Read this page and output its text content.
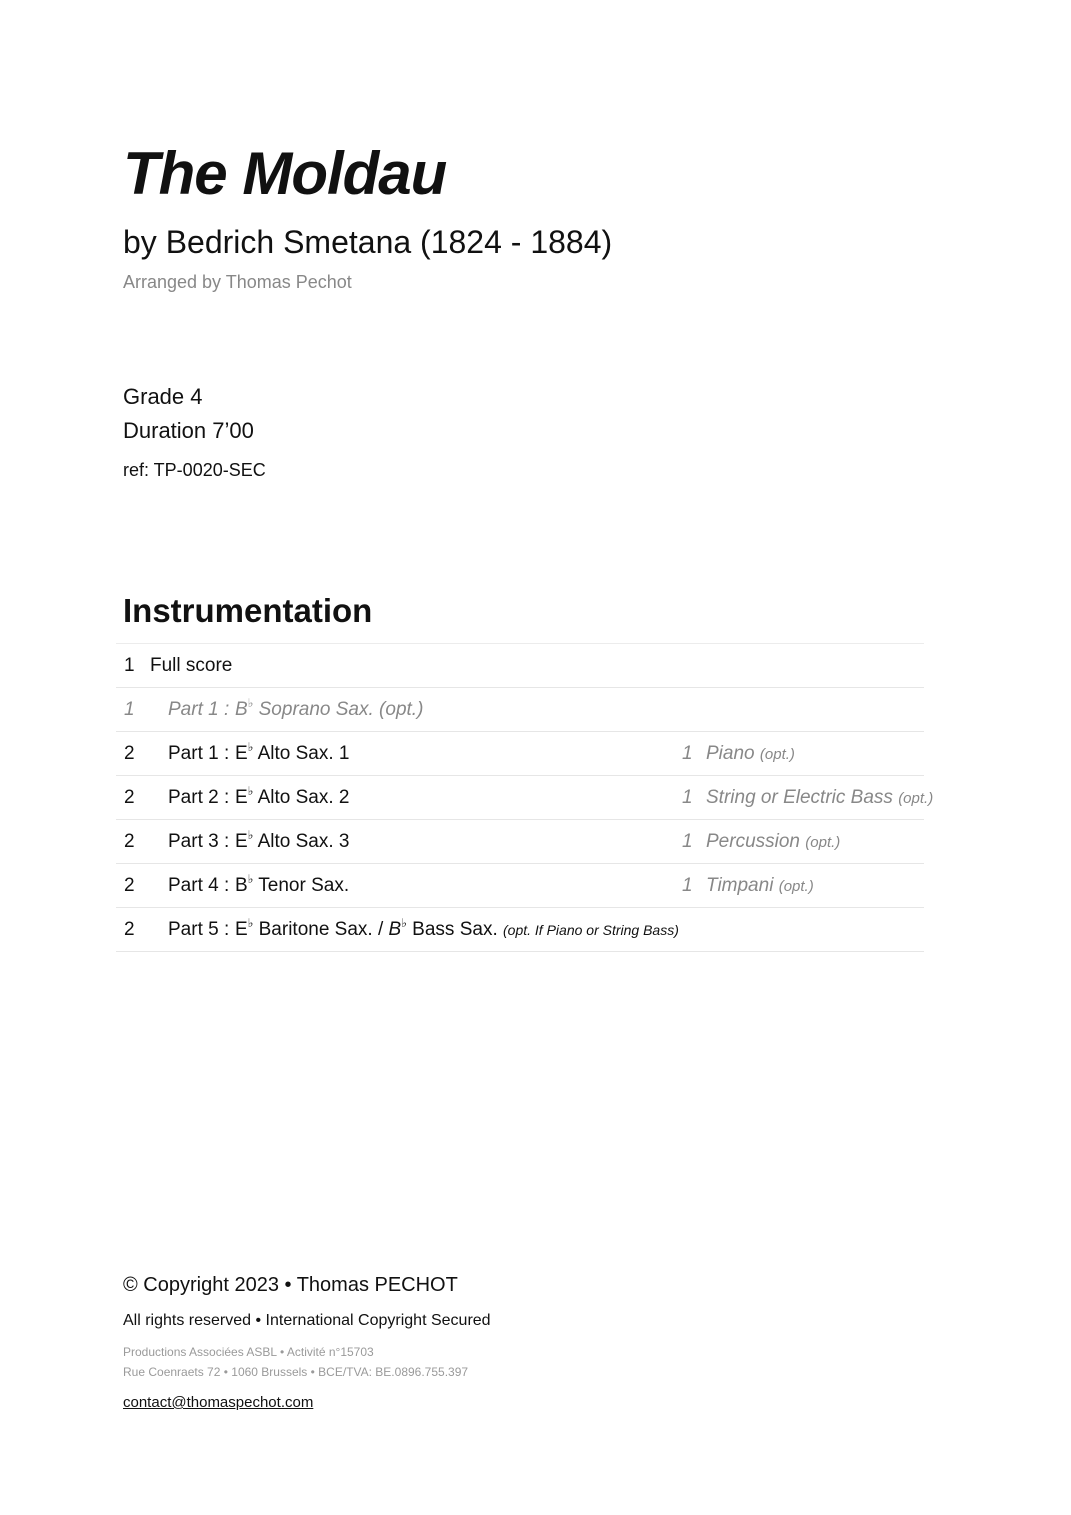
The Moldau
by Bedrich Smetana (1824 - 1884)
Arranged by Thomas Pechot
Grade 4
Duration 7’00
ref: TP-0020-SEC
Instrumentation
1 Full score
1 Part 1 : B♭ Soprano Sax. (opt.)
2 Part 1 : E♭ Alto Sax. 1	1 Piano (opt.)
2 Part 2 : E♭ Alto Sax. 2	1 String or Electric Bass (opt.)
2 Part 3 : E♭ Alto Sax. 3	1 Percussion (opt.)
2 Part 4 : B♭ Tenor Sax.	1 Timpani (opt.)
2 Part 5 : E♭ Baritone Sax. / B♭ Bass Sax. (opt. If Piano or String Bass)
© Copyright 2023 • Thomas PECHOT
All rights reserved • International Copyright Secured
Productions Associées ASBL • Activité n°15703
Rue Coenraets 72 • 1060 Brussels • BCE/TVA: BE.0896.755.397
contact@thomaspechot.com
